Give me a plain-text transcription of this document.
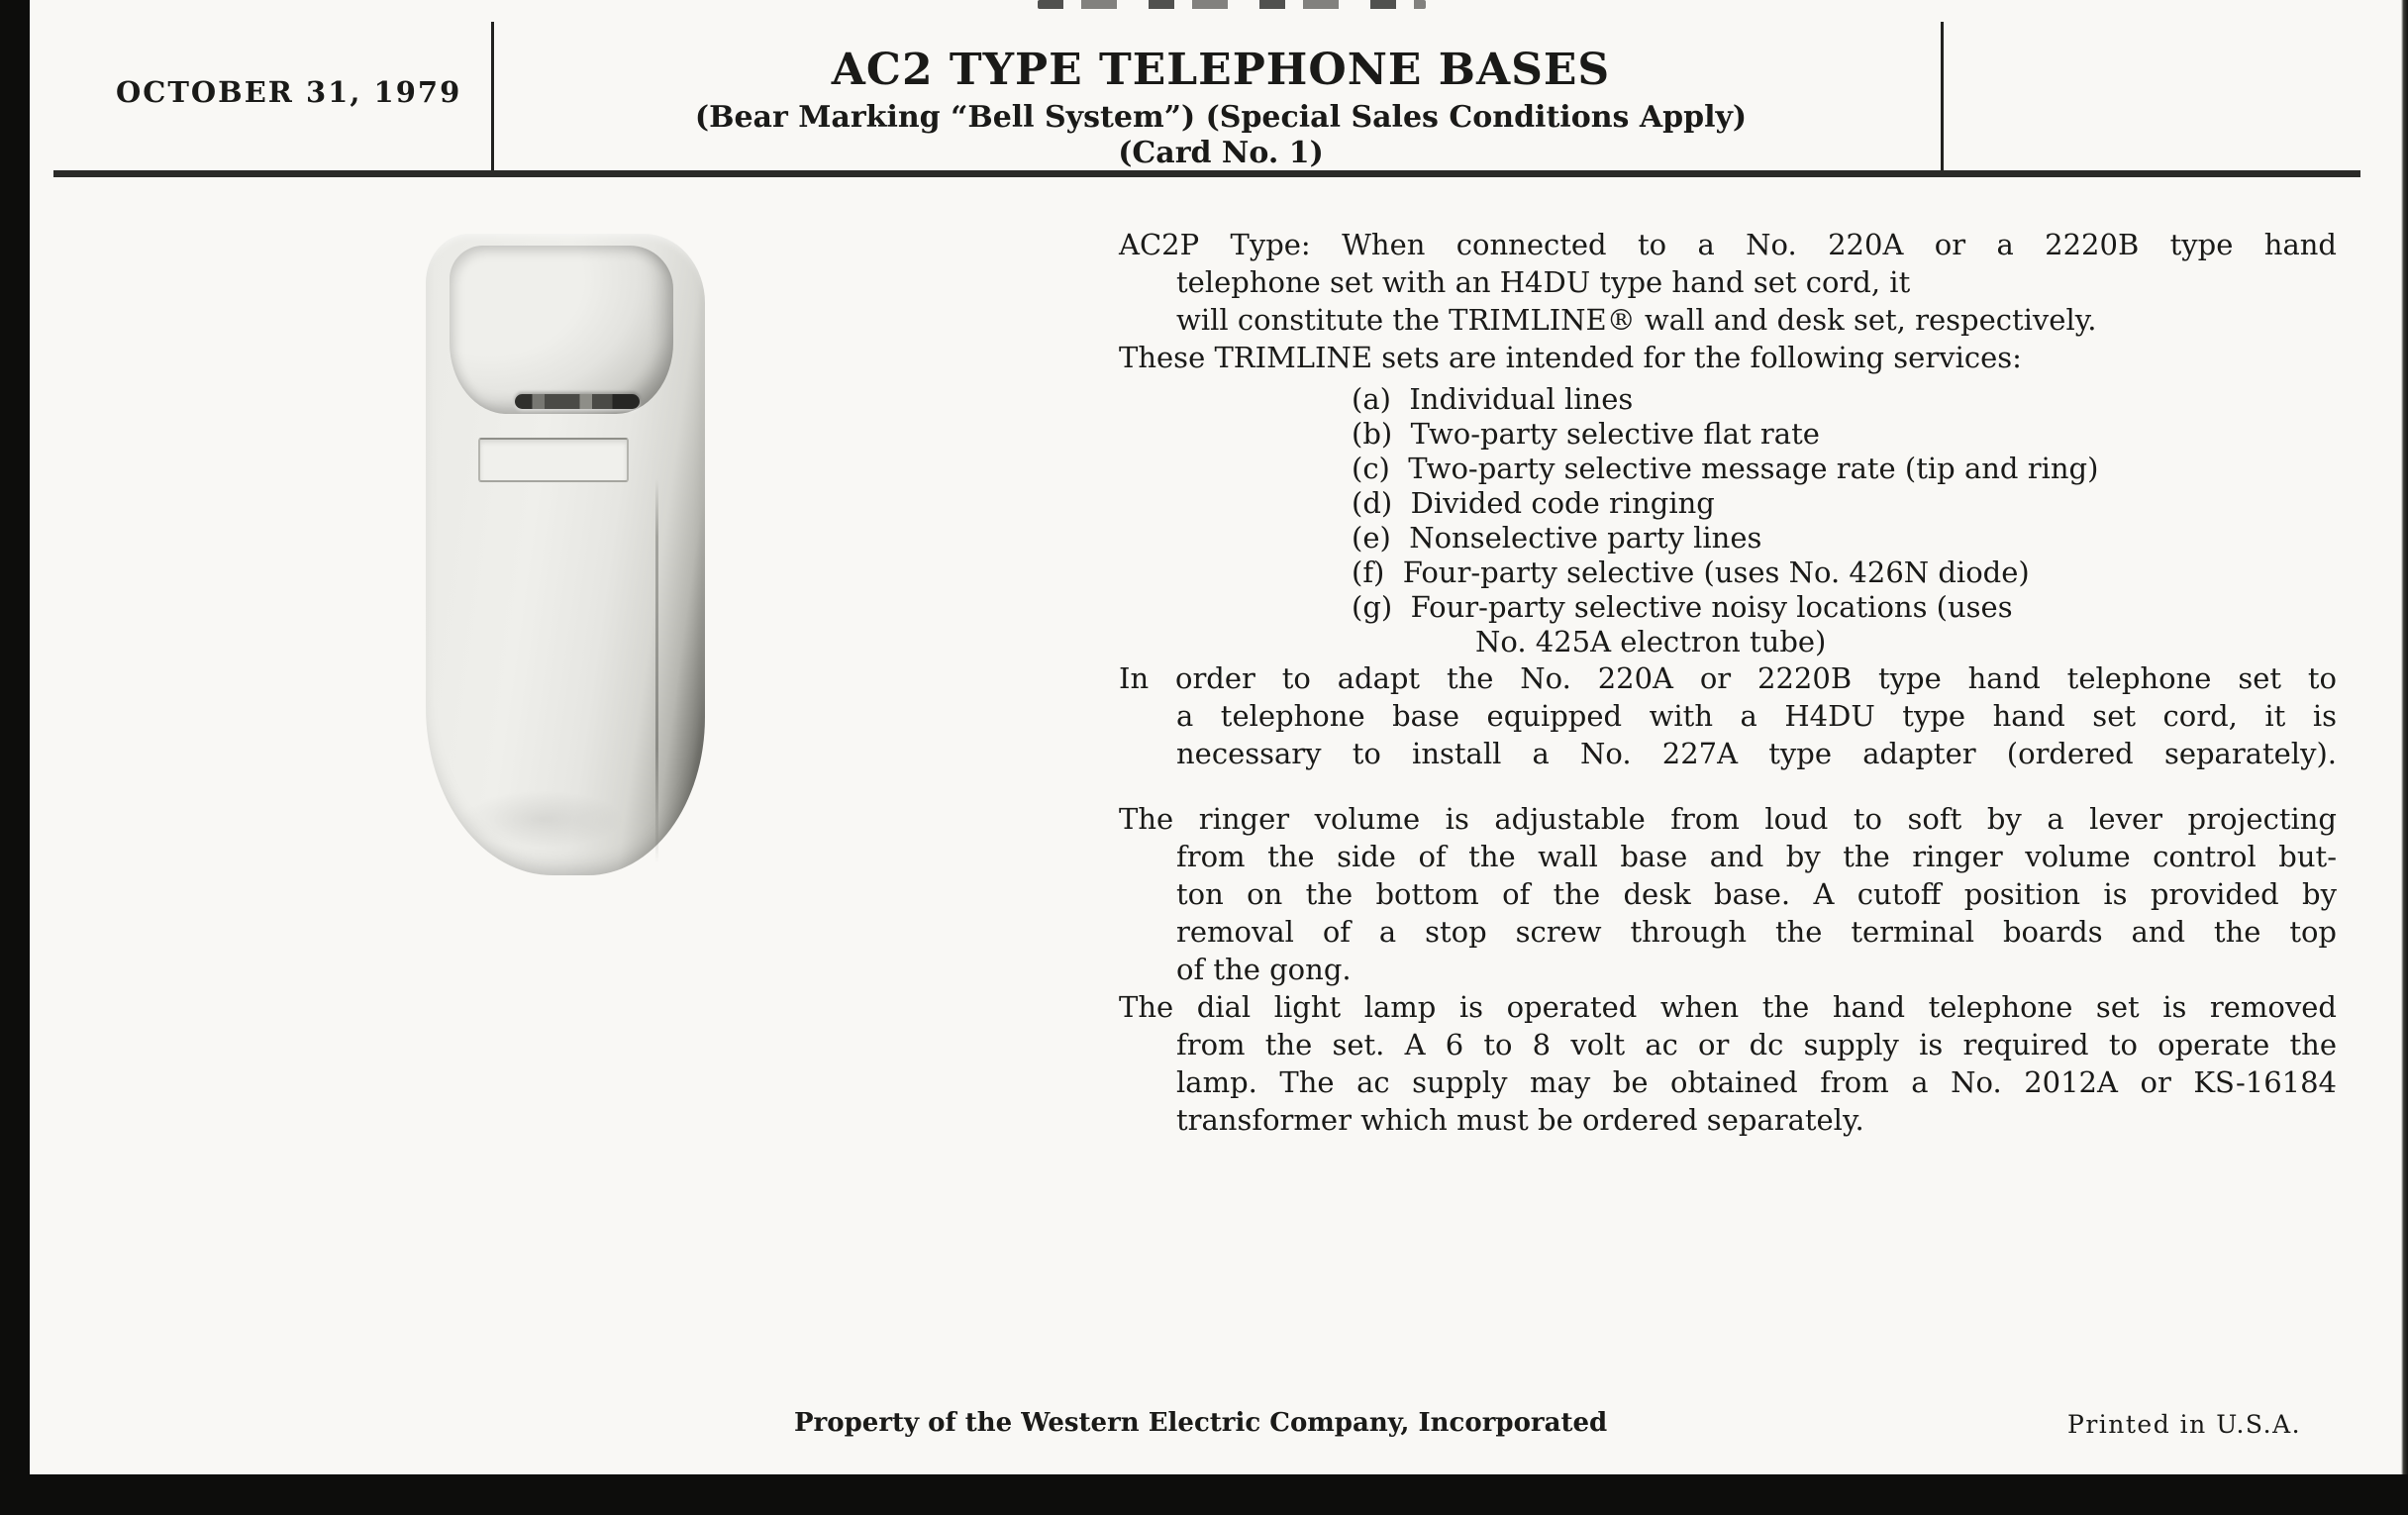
OCTOBER 31, 1979	AC2 TYPE TELEPHONE BASES
(Bear Marking “Bell System”) (Special Sales Conditions Apply)
(Card No. 1)
AC2P Type: When connected to a No. 220A or a 2220B type hand
telephone set with an H4DU type hand set cord, it
will constitute the TRIMLINE® wall and desk set, respectively.
These TRIMLINE sets are intended for the following services:
(a)  Individual lines
(b)  Two-party selective flat rate
(c)  Two-party selective message rate (tip and ring)
(d)  Divided code ringing
(e)  Nonselective party lines
(f)  Four-party selective (uses No. 426N diode)
(g)  Four-party selective noisy locations (uses
No. 425A electron tube)
In order to adapt the No. 220A or 2220B type hand telephone set to
a telephone base equipped with a H4DU type hand set cord, it is
necessary to install a No. 227A type adapter (ordered separately).
The ringer volume is adjustable from loud to soft by a lever projecting
from the side of the wall base and by the ringer volume control but-
ton on the bottom of the desk base. A cutoff position is provided by
removal of a stop screw through the terminal boards and the top
of the gong.
The dial light lamp is operated when the hand telephone set is removed
from the set. A 6 to 8 volt ac or dc supply is required to operate the
lamp. The ac supply may be obtained from a No. 2012A or KS-16184
transformer which must be ordered separately.
Property of the Western Electric Company, Incorporated	Printed in U.S.A.
